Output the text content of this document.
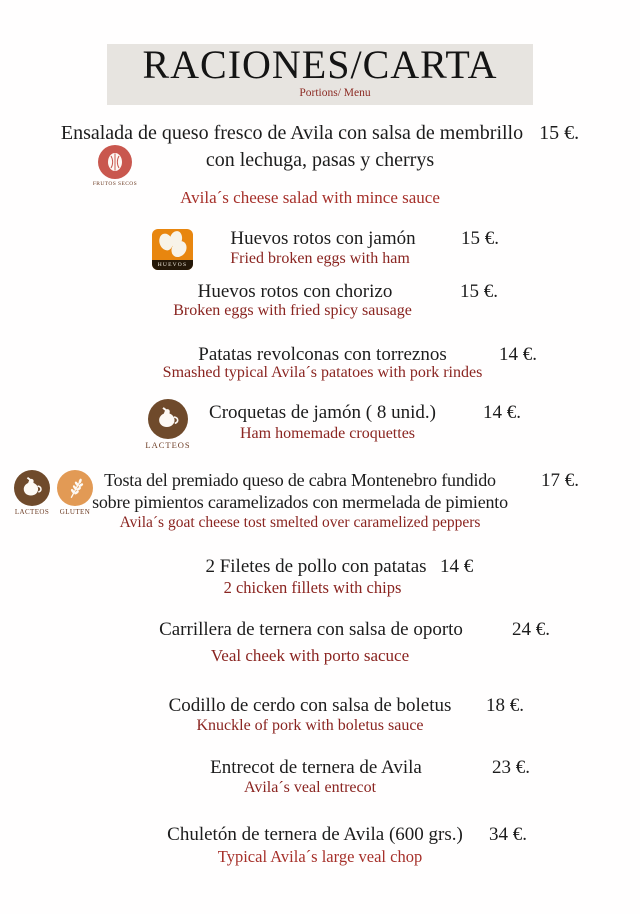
RACIONES/CARTA
Portions/ Menu
Ensalada de queso fresco de Avila con salsa de membrillo 15 €.
con lechuga, pasas y cherrys
Avila´s cheese salad with mince sauce
FRUTOS SECOS
HUEVOS
Huevos rotos con jamón	15 €.
Fried broken eggs with ham
Huevos rotos con chorizo	15 €.
Broken eggs with fried spicy sausage
Patatas revolconas con torreznos	14 €.
Smashed typical Avila´s patatoes with pork rindes
LACTEOS
Croquetas de jamón ( 8 unid.)	14 €.
Ham homemade croquettes
LACTEOS	GLUTEN
Tosta del premiado queso de cabra Montenebro fundido	17 €.
sobre pimientos caramelizados con mermelada de pimiento
Avila´s goat cheese tost smelted over caramelized peppers
2 Filetes de pollo con patatas 14 €
2 chicken fillets with chips
Carrillera de ternera con salsa de oporto	24 €.
Veal cheek with porto sacuce
Codillo de cerdo con salsa de boletus	18 €.
Knuckle of pork with boletus sauce
Entrecot de ternera de Avila	23 €.
Avila´s veal entrecot
Chuletón de ternera de Avila (600 grs.)	34 €.
Typical Avila´s large veal chop
